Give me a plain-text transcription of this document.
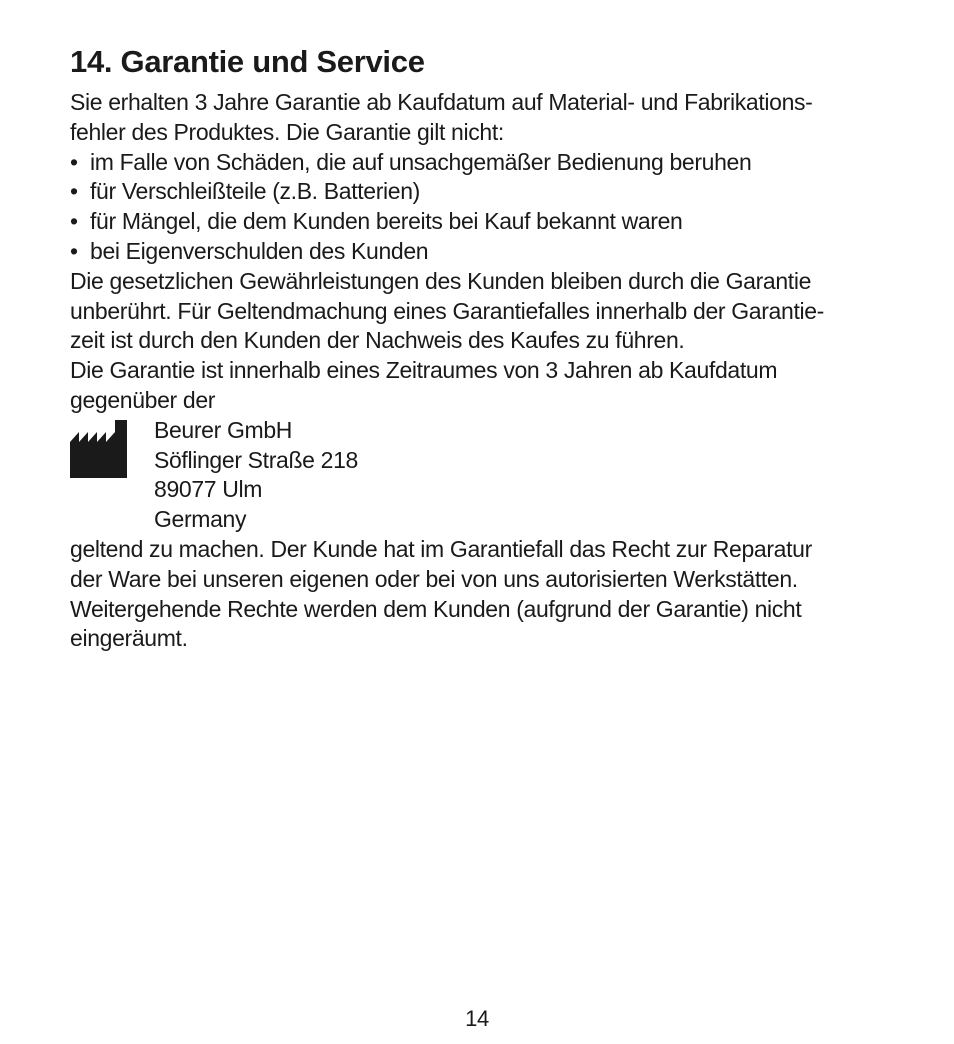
14. Garantie und Service
Sie erhalten 3 Jahre Garantie ab Kaufdatum auf Material- und Fabrikations-
fehler des Produktes. Die Garantie gilt nicht:
• im Falle von Schäden, die auf unsachgemäßer Bedienung beruhen
• für Verschleißteile (z.B. Batterien)
• für Mängel, die dem Kunden bereits bei Kauf bekannt waren
• bei Eigenverschulden des Kunden
Die gesetzlichen Gewährleistungen des Kunden bleiben durch die Garantie
unberührt. Für Geltendmachung eines Garantiefalles innerhalb der Garantie-
zeit ist durch den Kunden der Nachweis des Kaufes zu führen.
Die Garantie ist innerhalb eines Zeitraumes von 3 Jahren ab Kaufdatum
gegenüber der
Beurer GmbH
Söflinger Straße 218
89077 Ulm
Germany
geltend zu machen. Der Kunde hat im Garantiefall das Recht zur Reparatur
der Ware bei unseren eigenen oder bei von uns autorisierten Werkstätten.
Weitergehende Rechte werden dem Kunden (aufgrund der Garantie) nicht
eingeräumt.
14
